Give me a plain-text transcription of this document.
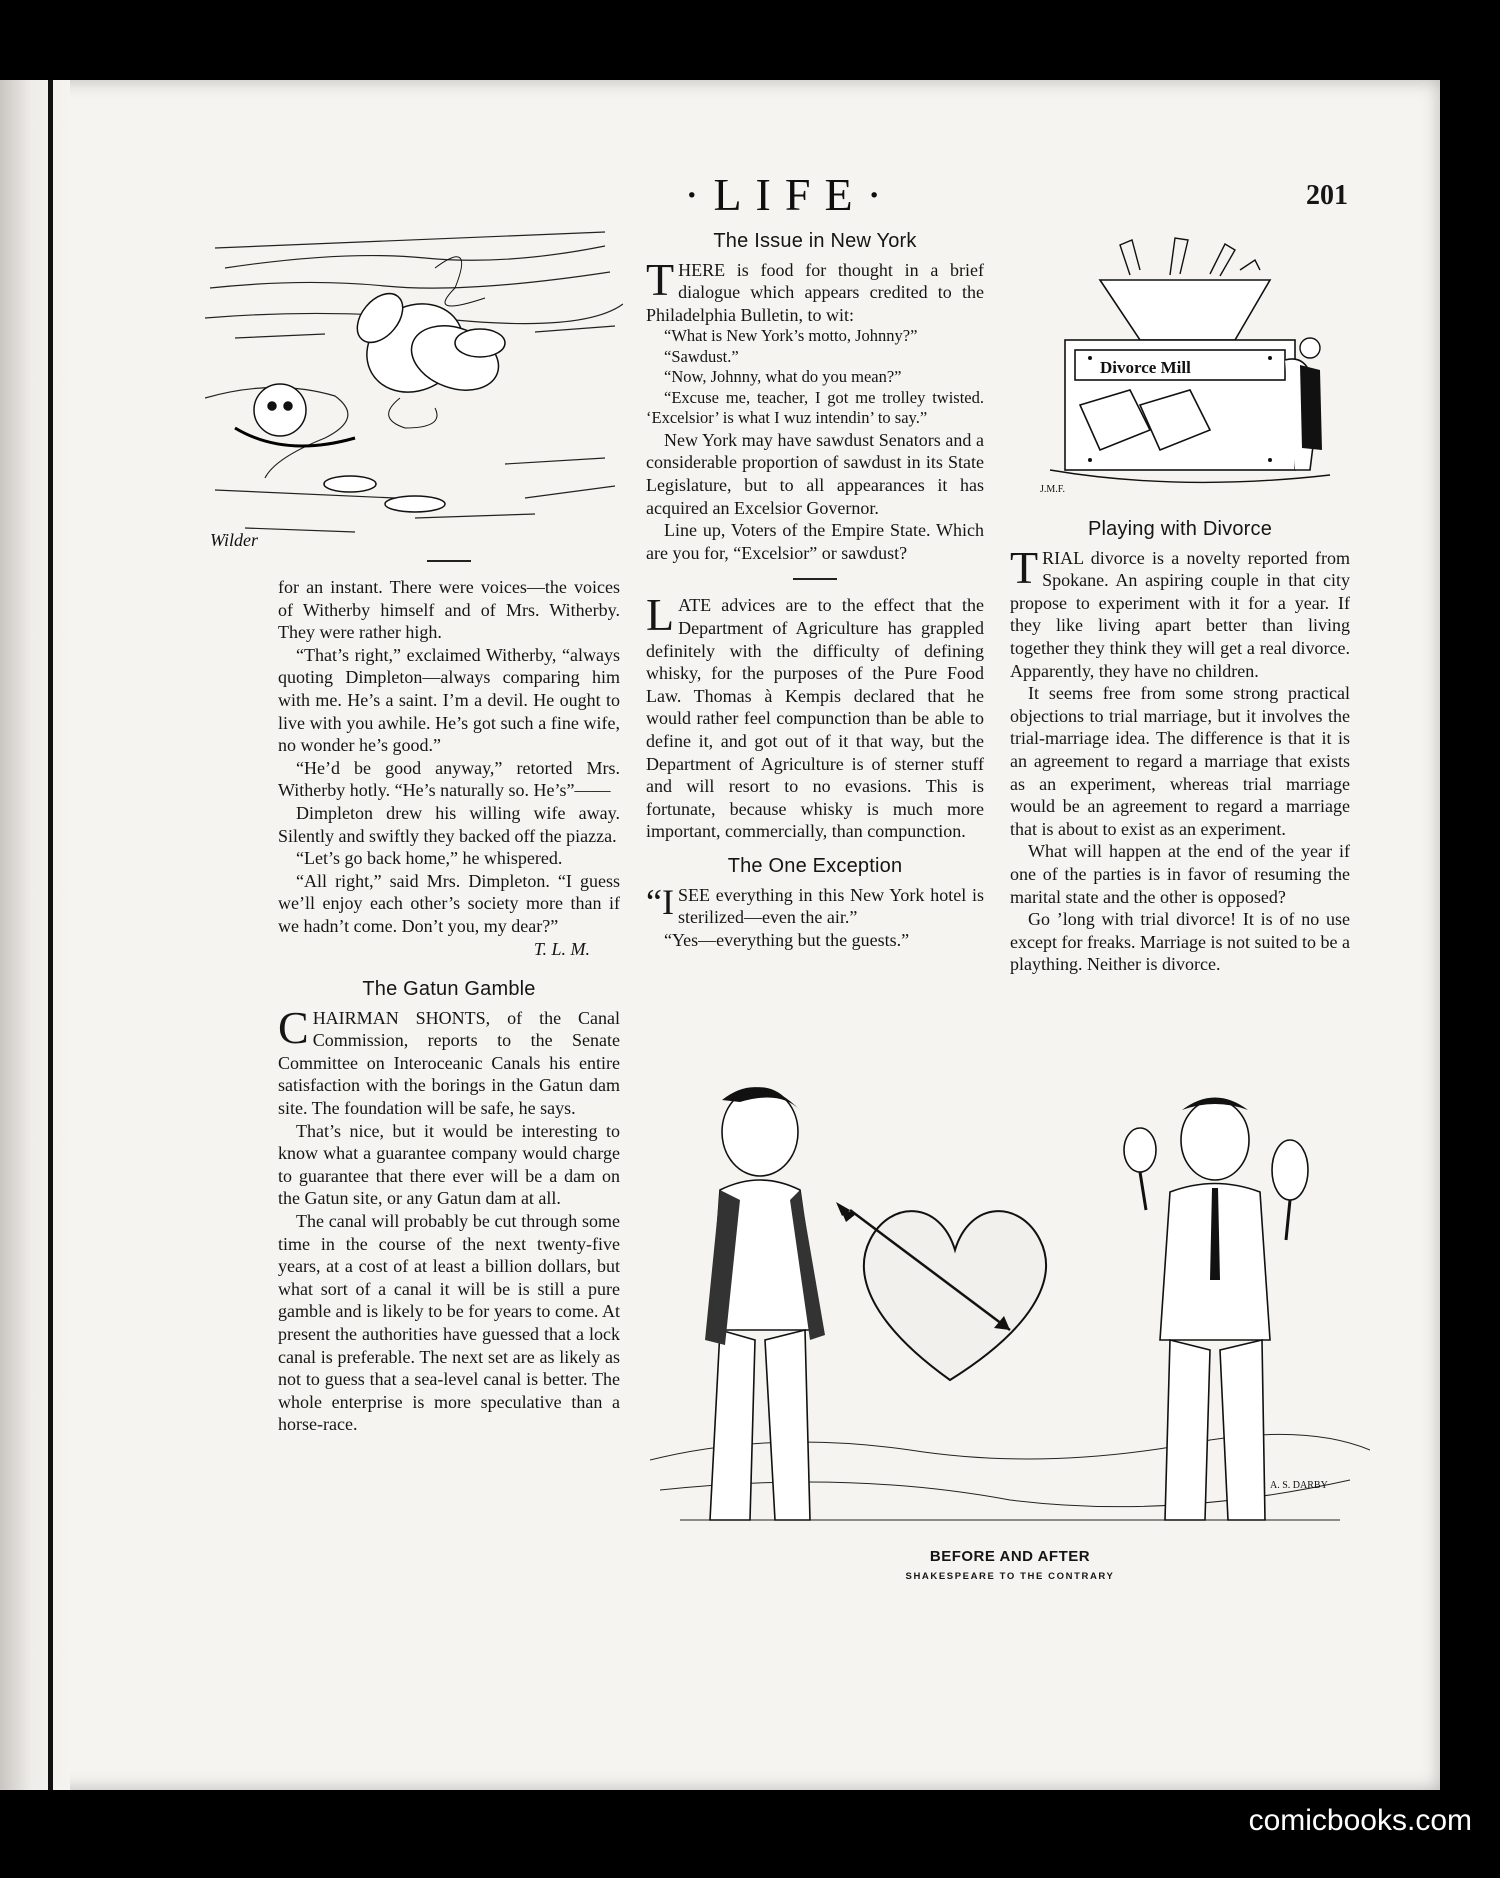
·LIFE·	201
Wilder

for an instant. There were voices—the voices of Witherby himself and of Mrs. Witherby. They were rather high.

“That’s right,” exclaimed Witherby, “always quoting Dimpleton—always comparing him with me. He’s a saint. I’m a devil. He ought to live with you awhile. He’s got such a fine wife, no wonder he’s good.”

“He’d be good anyway,” retorted Mrs. Witherby hotly. “He’s naturally so. He’s”——

Dimpleton drew his willing wife away. Silently and swiftly they backed off the piazza.

“Let’s go back home,” he whispered.

“All right,” said Mrs. Dimpleton. “I guess we’ll enjoy each other’s society more than if we hadn’t come. Don’t you, my dear?”
T. L. M.

The Gatun Gamble

CHAIRMAN SHONTS, of the Canal Commission, reports to the Senate Committee on Interoceanic Canals his entire satisfaction with the borings in the Gatun dam site. The foundation will be safe, he says.

That’s nice, but it would be interesting to know what a guarantee company would charge to guarantee that there ever will be a dam on the Gatun site, or any Gatun dam at all.

The canal will probably be cut through some time in the course of the next twenty-five years, at a cost of at least a billion dollars, but what sort of a canal it will be is still a pure gamble and is likely to be for years to come. At present the authorities have guessed that a lock canal is preferable. The next set are as likely as not to guess that a sea-level canal is better. The whole enterprise is more speculative than a horse-race.

The Issue in New York

THERE is food for thought in a brief dialogue which appears credited to the Philadelphia Bulletin, to wit:

“What is New York’s motto, Johnny?”

“Sawdust.”

“Now, Johnny, what do you mean?”

“Excuse me, teacher, I got me trolley twisted. ‘Excelsior’ is what I wuz intendin’ to say.”

New York may have sawdust Senators and a considerable proportion of sawdust in its State Legislature, but to all appearances it has acquired an Excelsior Governor.

Line up, Voters of the Empire State. Which are you for, “Excelsior” or sawdust?

LATE advices are to the effect that the Department of Agriculture has grappled definitely with the difficulty of defining whisky, for the purposes of the Pure Food Law. Thomas à Kempis declared that he would rather feel compunction than be able to define it, and got out of it that way, but the Department of Agriculture is of sterner stuff and will resort to no evasions. This is fortunate, because whisky is much more important, commercially, than compunction.

The One Exception

“ISEE everything in this New York hotel is sterilized—even the air.”

“Yes—everything but the guests.”

Divorce Mill
J.M.F.
Playing with Divorce

TRIAL divorce is a novelty reported from Spokane. An aspiring couple in that city propose to experiment with it for a year. If they like living apart better than living together they think they will get a real divorce. Apparently, they have no children.

It seems free from some strong practical objections to trial marriage, but it involves the trial-marriage idea. The difference is that it is an agreement to regard a marriage that exists as an experiment, whereas trial marriage would be an agreement to regard a marriage that is about to exist as an experiment.

What will happen at the end of the year if one of the parties is in favor of resuming the marital state and the other is opposed?

Go ’long with trial divorce! It is of no use except for freaks. Marriage is not suited to be a plaything. Neither is divorce.

A. S. DARBY
BEFORE AND AFTER
SHAKESPEARE TO THE CONTRARY
comicbooks.com
